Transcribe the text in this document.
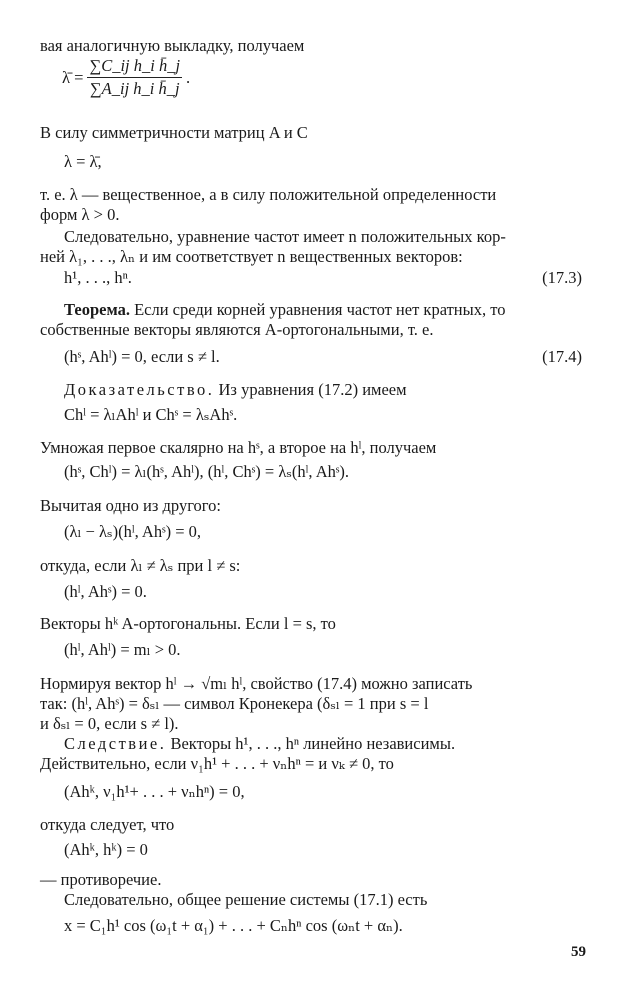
вая аналогичную выкладку, получаем
λ̄ = $\frac{\text{∑C\_ij h\_i h̄\_j}}{\text{∑A\_ij h\_i h̄\_j}}$ .
В силу симметричности матриц A и C
λ = λ̄,
т. е. λ — вещественное, а в силу положительной определенности
форм λ > 0.
Следовательно, уравнение частот имеет n положительных кор-
ней λ₁, . . ., λₙ и им соответствует n вещественных векторов:
h¹, . . ., hⁿ.	(17.3)
Теорема. Если среди корней уравнения частот нет кратных, то
собственные векторы являются A-ортогональными, т. е.
(hˢ, Ahˡ) = 0, если s ≠ l.	(17.4)
Доказательство. Из уравнения (17.2) имеем
Chˡ = λₗAhˡ и Chˢ = λₛAhˢ.
Умножая первое скалярно на hˢ, а второе на hˡ, получаем
(hˢ, Chˡ) = λₗ(hˢ, Ahˡ), (hˡ, Chˢ) = λₛ(hˡ, Ahˢ).
Вычитая одно из другого:
(λₗ − λₛ)(hˡ, Ahˢ) = 0,
откуда, если λₗ ≠ λₛ при l ≠ s:
(hˡ, Ahˢ) = 0.
Векторы hᵏ A-ортогональны. Если l = s, то
(hˡ, Ahˡ) = mₗ > 0.
Нормируя вектор hˡ → √mₗ hˡ, свойство (17.4) можно записать
так: (hˡ, Ahˢ) = δₛₗ — символ Кронекера (δₛₗ = 1 при s = l
и δₛₗ = 0, если s ≠ l).
Следствие. Векторы h¹, . . ., hⁿ линейно независимы.
Действительно, если ν₁h¹ + . . . + νₙhⁿ = и νₖ ≠ 0, то
(Ahᵏ, ν₁h¹+ . . . + νₙhⁿ) = 0,
откуда следует, что
(Ahᵏ, hᵏ) = 0
— противоречие.
Следовательно, общее решение системы (17.1) есть
x = C₁h¹ cos (ω₁t + α₁) + . . . + Cₙhⁿ cos (ωₙt + αₙ).
59
